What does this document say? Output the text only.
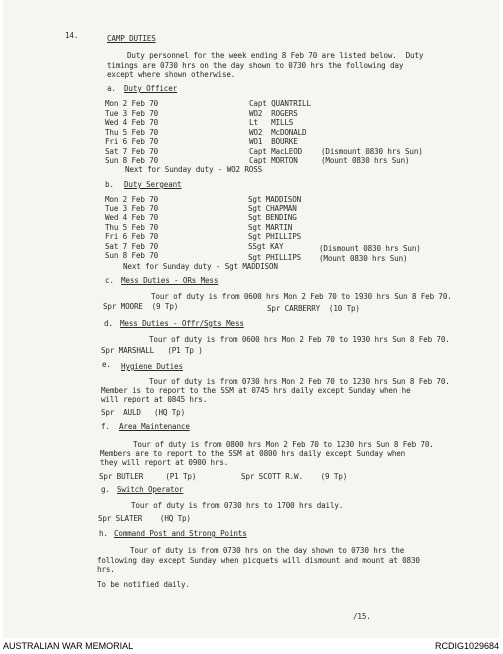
14.	CAMP DUTIES
Duty personnel for the week ending 8 Feb 70 are listed below.  Duty
timings are 0730 hrs on the day shown to 0730 hrs the following day
except where shown otherwise.
a. Duty Officer
Mon 2 Feb 70	Capt QUANTRILL
Tue 3 Feb 70	WO2  ROGERS
Wed 4 Feb 70	Lt   MILLS
Thu 5 Feb 70	WO2  McDONALD
Fri 6 Feb 70	WO1  BOURKE
Sat 7 Feb 70	Capt MacLEOD (Dismount 0830 hrs Sun)
Sun 8 Feb 70	Capt MORTON	(Mount 0830 hrs Sun)
Next for Sunday duty - WO2 ROSS
b. Duty Sergeant
Mon 2 Feb 70	Sgt MADDISON
Tue 3 Feb 70	Sgt CHAPMAN
Wed 4 Feb 70	Sgt BENDING
Thu 5 Feb 70	Sgt MARTIN
Fri 6 Feb 70	Sgt PHILLIPS
Sat 7 Feb 70	SSgt KAY	(Dismount 0830 hrs Sun)
Sun 8 Feb 70	Sgt PHILLIPS (Mount 0830 hrs Sun)
Next for Sunday duty - Sgt MADDISON
c. Mess Duties - ORs Mess
Tour of duty is from 0600 hrs Mon 2 Feb 70 to 1930 hrs Sun 8 Feb 70.
Spr MOORE  (9 Tp)	Spr CARBERRY  (10 Tp)
d. Mess Duties - Offr/Sgts Mess
Tour of duty is from 0600 hrs Mon 2 Feb 70 to 1930 hrs Sun 8 Feb 70.
Spr MARSHALL   (P1 Tp )
e. Hygiene Duties
Tour of duty is from 0730 hrs Mon 2 Feb 70 to 1230 hrs Sun 8 Feb 70.
Member is to report to the SSM at 0745 hrs daily except Sunday when he
will report at 0845 hrs.
Spr  AULD   (HQ Tp)
f. Area Maintenance
Tour of duty is from 0800 hrs Mon 2 Feb 70 to 1230 hrs Sun 8 Feb 70.
Members are to report to the SSM at 0800 hrs daily except Sunday when
they will report at 0900 hrs.
Spr BUTLER     (P1 Tp)	Spr SCOTT R.W.    (9 Tp)
g. Switch Operator
Tour of duty is from 0730 hrs to 1700 hrs daily.
Spr SLATER    (HQ Tp)
h. Command Post and Strong Points
Tour of duty is from 0730 hrs on the day shown to 0730 hrs the
following day except Sunday when picquets will dismount and mount at 0830
hrs.
To be notified daily.
/15.
AUSTRALIAN WAR MEMORIAL	RCDIG1029684
